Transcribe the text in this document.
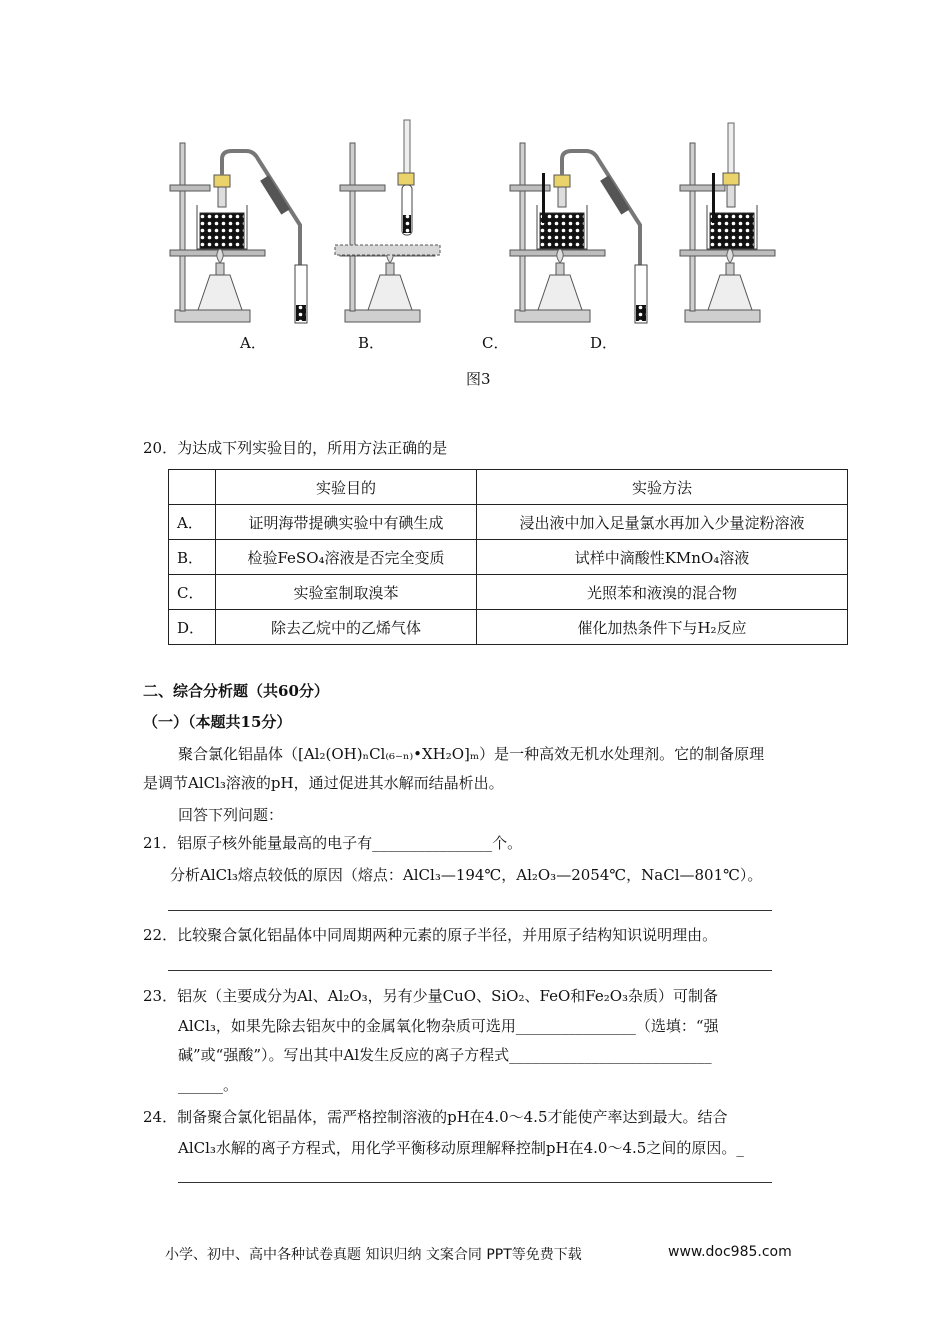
A．	B．	C．	D．
图3
20．为达成下列实验目的，所用方法正确的是
	实验目的	实验方法
A．	证明海带提碘实验中有碘生成	浸出液中加入足量氯水再加入少量淀粉溶液
B．	检验FeSO₄溶液是否完全变质	试样中滴酸性KMnO₄溶液
C．	实验室制取溴苯	光照苯和液溴的混合物
D．	除去乙烷中的乙烯气体	催化加热条件下与H₂反应
二、综合分析题（共60分）
（一）（本题共15分）
聚合氯化铝晶体（[Al₂(OH)ₙCl₍₆₋ₙ₎•XH₂O]ₘ）是一种高效无机水处理剂。它的制备原理
是调节AlCl₃溶液的pH，通过促进其水解而结晶析出。
回答下列问题：
21．铝原子核外能量最高的电子有________________个。
分析AlCl₃熔点较低的原因（熔点：AlCl₃—194℃，Al₂O₃—2054℃，NaCl—801℃）。
22．比较聚合氯化铝晶体中同周期两种元素的原子半径，并用原子结构知识说明理由。
23．铝灰（主要成分为Al、Al₂O₃，另有少量CuO、SiO₂、FeO和Fe₂O₃杂质）可制备
AlCl₃，如果先除去铝灰中的金属氧化物杂质可选用________________（选填：“强
碱”或“强酸”）。写出其中Al发生反应的离子方程式___________________________
______。
24．制备聚合氯化铝晶体，需严格控制溶液的pH在4.0～4.5才能使产率达到最大。结合
AlCl₃水解的离子方程式，用化学平衡移动原理解释控制pH在4.0～4.5之间的原因。_
小学、初中、高中各种试卷真题 知识归纳 文案合同 PPT等免费下载	www.doc985.com
